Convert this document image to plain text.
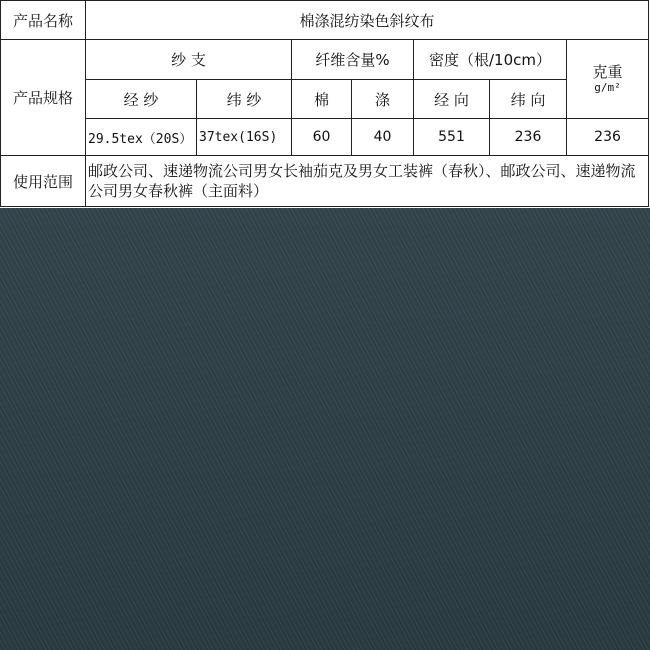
产品名称	棉涤混纺染色斜纹布						
产品规格	纱 支		纤维含量%		密度（根/10cm）		克重
g/m²

	经 纱	纬 纱	棉	涤	经 向	纬 向	
	29.5tex（20S）	37tex(16S)	60	40	551	236	236
使用范围	邮政公司、速递物流公司男女长袖茄克及男女工装裤（春秋）、邮政公司、速递物流公司男女春秋裤（主面料）						
